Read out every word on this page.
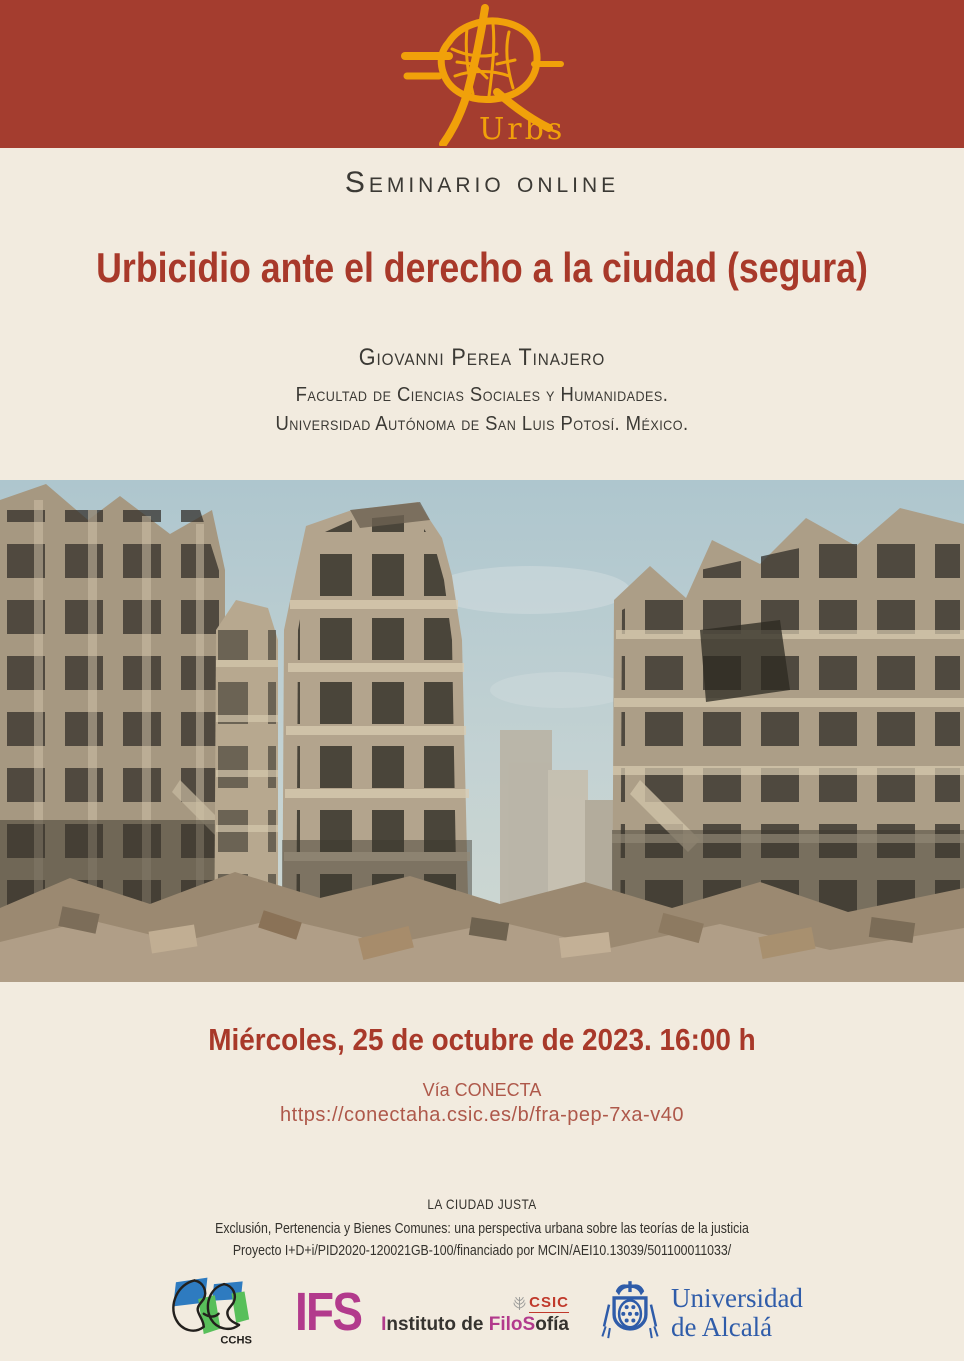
Urbs
Seminario online
Urbicidio ante el derecho a la ciudad (segura)
Giovanni Perea Tinajero
Facultad de Ciencias Sociales y Humanidades.
Universidad Autónoma de San Luis Potosí. México.
Miércoles, 25 de octubre de 2023. 16:00 h
Vía CONECTA
https://conectaha.csic.es/b/fra-pep-7xa-v40
LA CIUDAD JUSTA
Exclusión, Pertenencia y Bienes Comunes: una perspectiva urbana sobre las teorías de la justicia
Proyecto I+D+i/PID2020-120021GB-100/financiado por MCIN/AEI10.13039/501100011033/
CCHS IFS	CSIC
Instituto de FiloSofía
Universidad
de Alcalá
